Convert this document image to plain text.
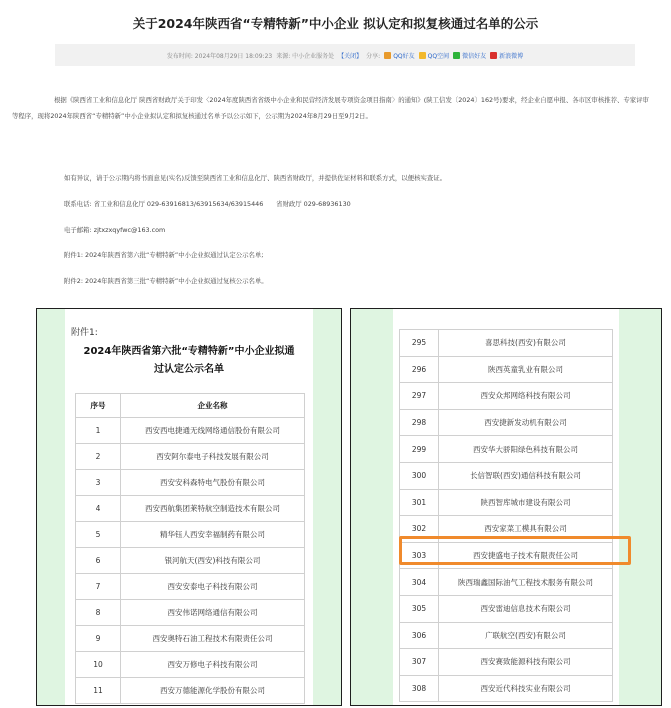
关于2024年陕西省“专精特新”中小企业 拟认定和拟复核通过名单的公示
发布时间: 2024年08月29日 18:09:23 来源: 中小企业服务处 【关闭】 分享: QQ好友 QQ空间 微信好友 新浪微博

根据《陕西省工业和信息化厅 陕西省财政厅关于印发〈2024年度陕西省省级中小企业和民营经济发展专项资金项目指南〉的通知》(陕工信发〔2024〕162号)要求，经企业自愿申报、各市区审核推荐、专家评审等程序，现将2024年陕西省“专精特新”中小企业拟认定和拟复核通过名单予以公示如下，公示期为2024年8月29日至9月2日。

如有异议，请于公示期内将书面意见(实名)反馈至陕西省工业和信息化厅、陕西省财政厅，并提供佐证材料和联系方式，以便核实查证。
联系电话: 省工业和信息化厅 029-63916813/63915634/63915446　　省财政厅 029-68936130
电子邮箱: zjtxzxqyfwc@163.com
附件1: 2024年陕西省第六批“专精特新”中小企业拟通过认定公示名单;
附件2: 2024年陕西省第三批“专精特新”中小企业拟通过复核公示名单。
附件1:
2024年陕西省第六批“专精特新”中小企业拟通
过认定公示名单
序号	企业名称
1	西安西电捷通无线网络通信股份有限公司
2	西安阿尔泰电子科技发展有限公司
3	西安安科森特电气股份有限公司
4	西安西航集团莱特航空制造技术有限公司
5	精华钰人西安幸福制药有限公司
6	银河航天(西安)科技有限公司
7	西安安泰电子科技有限公司
8	西安伟诺网络通信有限公司
9	西安奥特石油工程技术有限责任公司
10	西安万修电子科技有限公司
11	西安万德能源化学股份有限公司
295	喜思科技(西安)有限公司
296	陕西英童乳业有限公司
297	西安众邦网络科技有限公司
298	西安捷新发动机有限公司
299	西安华大骄阳绿色科技有限公司
300	长信智联(西安)通信科技有限公司
301	陕西智库城市建设有限公司
302	西安家菜工模具有限公司
303	西安捷盛电子技术有限责任公司
304	陕西瑞鑫国际油气工程技术服务有限公司
305	西安雷迪信息技术有限公司
306	广联航空(西安)有限公司
307	西安赛致能源科技有限公司
308	西安近代科技实业有限公司
